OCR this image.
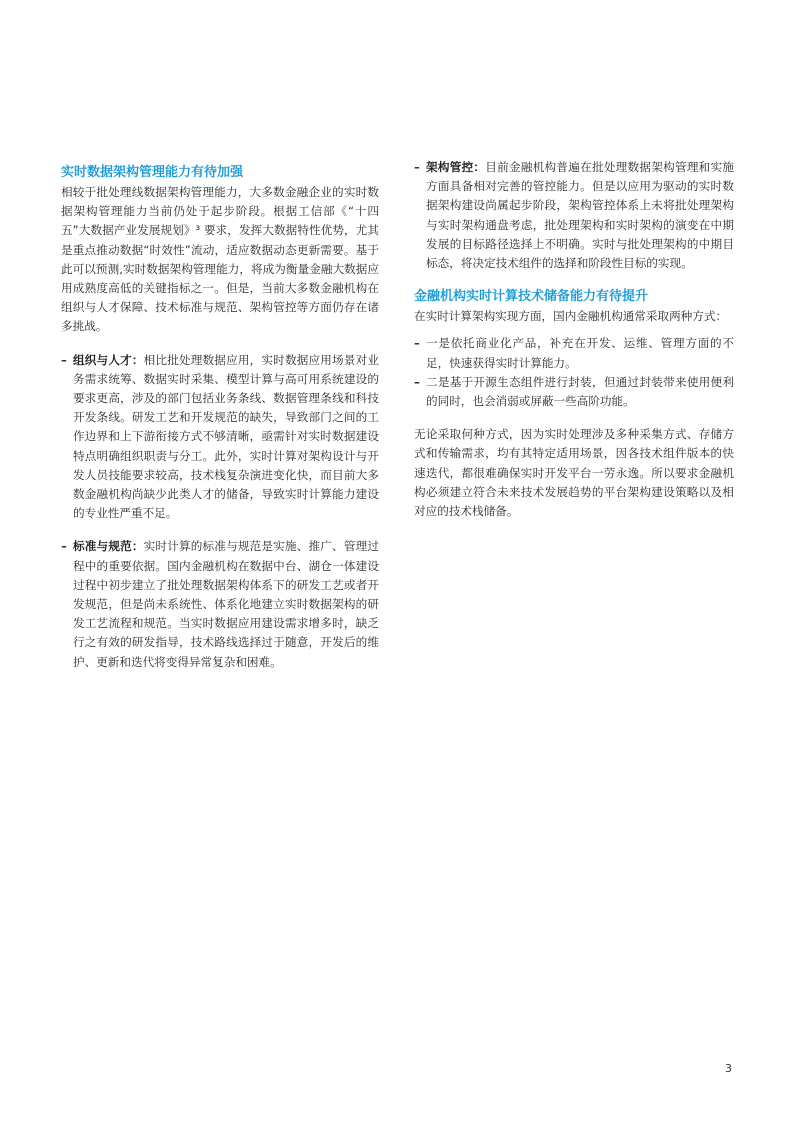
实时数据架构管理能力有待加强

相较于批处理线数据架构管理能力，大多数金融企业的实时数据架构管理能力当前仍处于起步阶段。根据工信部《“十四五”大数据产业发展规划》³ 要求，发挥大数据特性优势，尤其是重点推动数据“时效性”流动，适应数据动态更新需要。基于此可以预测,实时数据架构管理能力，将成为衡量金融大数据应用成熟度高低的关键指标之一。但是，当前大多数金融机构在组织与人才保障、技术标准与规范、架构管控等方面仍存在诸多挑战。

– 组织与人才：相比批处理数据应用，实时数据应用场景对业务需求统筹、数据实时采集、模型计算与高可用系统建设的要求更高，涉及的部门包括业务条线、数据管理条线和科技开发条线。研发工艺和开发规范的缺失，导致部门之间的工作边界和上下游衔接方式不够清晰，亟需针对实时数据建设特点明确组织职责与分工。此外，实时计算对架构设计与开发人员技能要求较高，技术栈复杂演进变化快，而目前大多数金融机构尚缺少此类人才的储备，导致实时计算能力建设的专业性严重不足。

– 标准与规范：实时计算的标准与规范是实施、推广、管理过程中的重要依据。国内金融机构在数据中台、湖仓一体建设过程中初步建立了批处理数据架构体系下的研发工艺或者开发规范，但是尚未系统性、体系化地建立实时数据架构的研发工艺流程和规范。当实时数据应用建设需求增多时，缺乏行之有效的研发指导，技术路线选择过于随意，开发后的维护、更新和迭代将变得异常复杂和困难。

– 架构管控：目前金融机构普遍在批处理数据架构管理和实施方面具备相对完善的管控能力。但是以应用为驱动的实时数据架构建设尚属起步阶段，架构管控体系上未将批处理架构与实时架构通盘考虑，批处理架构和实时架构的演变在中期发展的目标路径选择上不明确。实时与批处理架构的中期目标态，将决定技术组件的选择和阶段性目标的实现。

金融机构实时计算技术储备能力有待提升

在实时计算架构实现方面，国内金融机构通常采取两种方式：

– 一是依托商业化产品，补充在开发、运维、管理方面的不足，快速获得实时计算能力。

– 二是基于开源生态组件进行封装，但通过封装带来使用便利的同时，也会消弱或屏蔽一些高阶功能。

无论采取何种方式，因为实时处理涉及多种采集方式、存储方式和传输需求，均有其特定适用场景，因各技术组件版本的快速迭代，都很难确保实时开发平台一劳永逸。所以要求金融机构必须建立符合未来技术发展趋势的平台架构建设策略以及相对应的技术栈储备。

3
